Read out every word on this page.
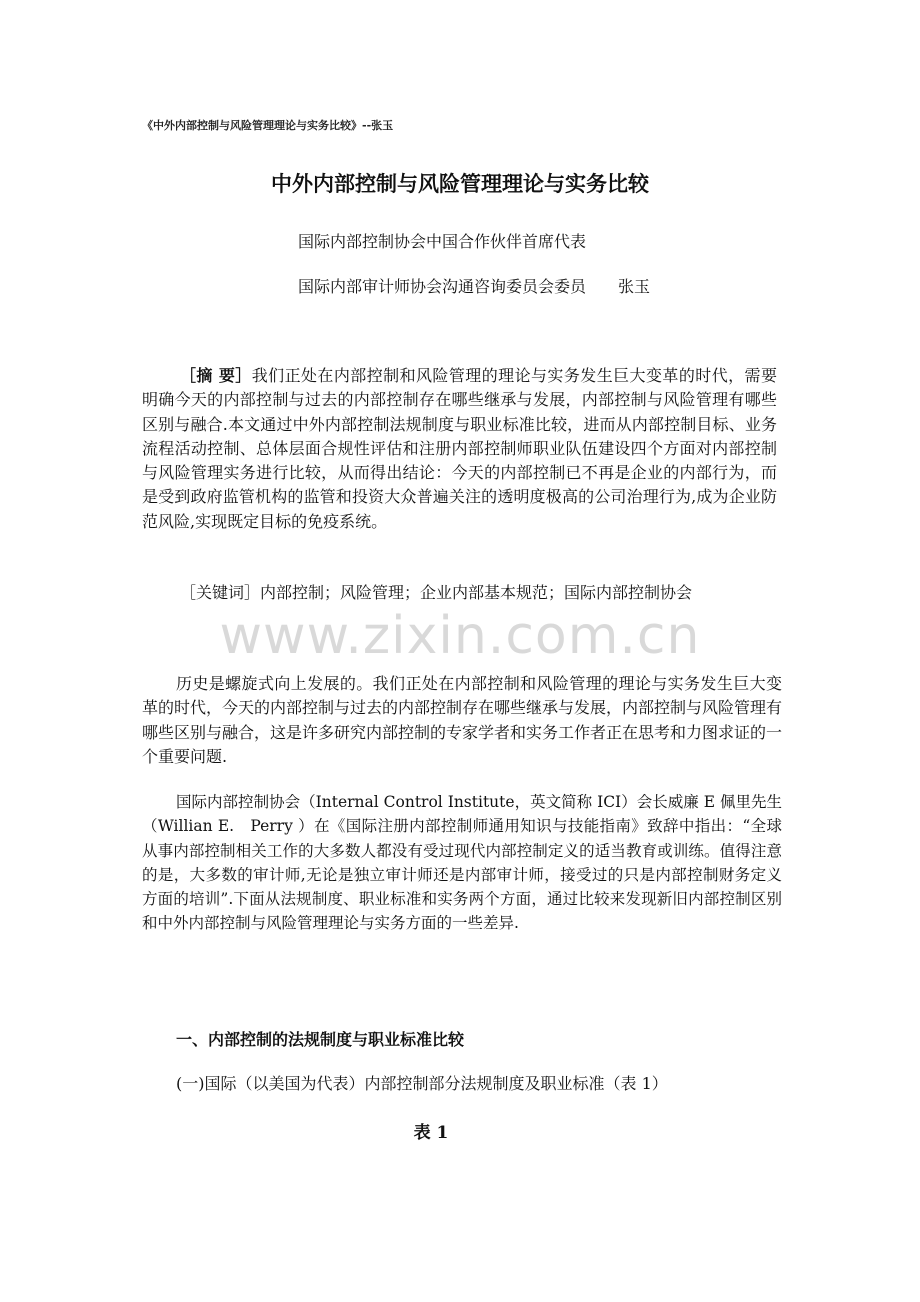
《中外内部控制与风险管理理论与实务比较》--张玉
中外内部控制与风险管理理论与实务比较
国际内部控制协会中国合作伙伴首席代表
国际内部审计师协会沟通咨询委员会委员　　张玉
［摘 要］我们正处在内部控制和风险管理的理论与实务发生巨大变革的时代，需要明确今天的内部控制与过去的内部控制存在哪些继承与发展，内部控制与风险管理有哪些区别与融合.本文通过中外内部控制法规制度与职业标准比较，进而从内部控制目标、业务流程活动控制、总体层面合规性评估和注册内部控制师职业队伍建设四个方面对内部控制与风险管理实务进行比较，从而得出结论：今天的内部控制已不再是企业的内部行为，而是受到政府监管机构的监管和投资大众普遍关注的透明度极高的公司治理行为,成为企业防范风险,实现既定目标的免疫系统。
［关键词］内部控制；风险管理；企业内部基本规范；国际内部控制协会
www.zixin.com.cn
历史是螺旋式向上发展的。我们正处在内部控制和风险管理的理论与实务发生巨大变革的时代，今天的内部控制与过去的内部控制存在哪些继承与发展，内部控制与风险管理有哪些区别与融合，这是许多研究内部控制的专家学者和实务工作者正在思考和力图求证的一个重要问题.
国际内部控制协会（Internal Control Institute，英文简称 ICI）会长威廉 E 佩里先生（Willian E.　Perry ）在《国际注册内部控制师通用知识与技能指南》致辞中指出：“全球从事内部控制相关工作的大多数人都没有受过现代内部控制定义的适当教育或训练。值得注意的是，大多数的审计师,无论是独立审计师还是内部审计师，接受过的只是内部控制财务定义方面的培训”.下面从法规制度、职业标准和实务两个方面，通过比较来发现新旧内部控制区别和中外内部控制与风险管理理论与实务方面的一些差异.
一、内部控制的法规制度与职业标准比较
(一)国际（以美国为代表）内部控制部分法规制度及职业标准（表 1）
表 1
